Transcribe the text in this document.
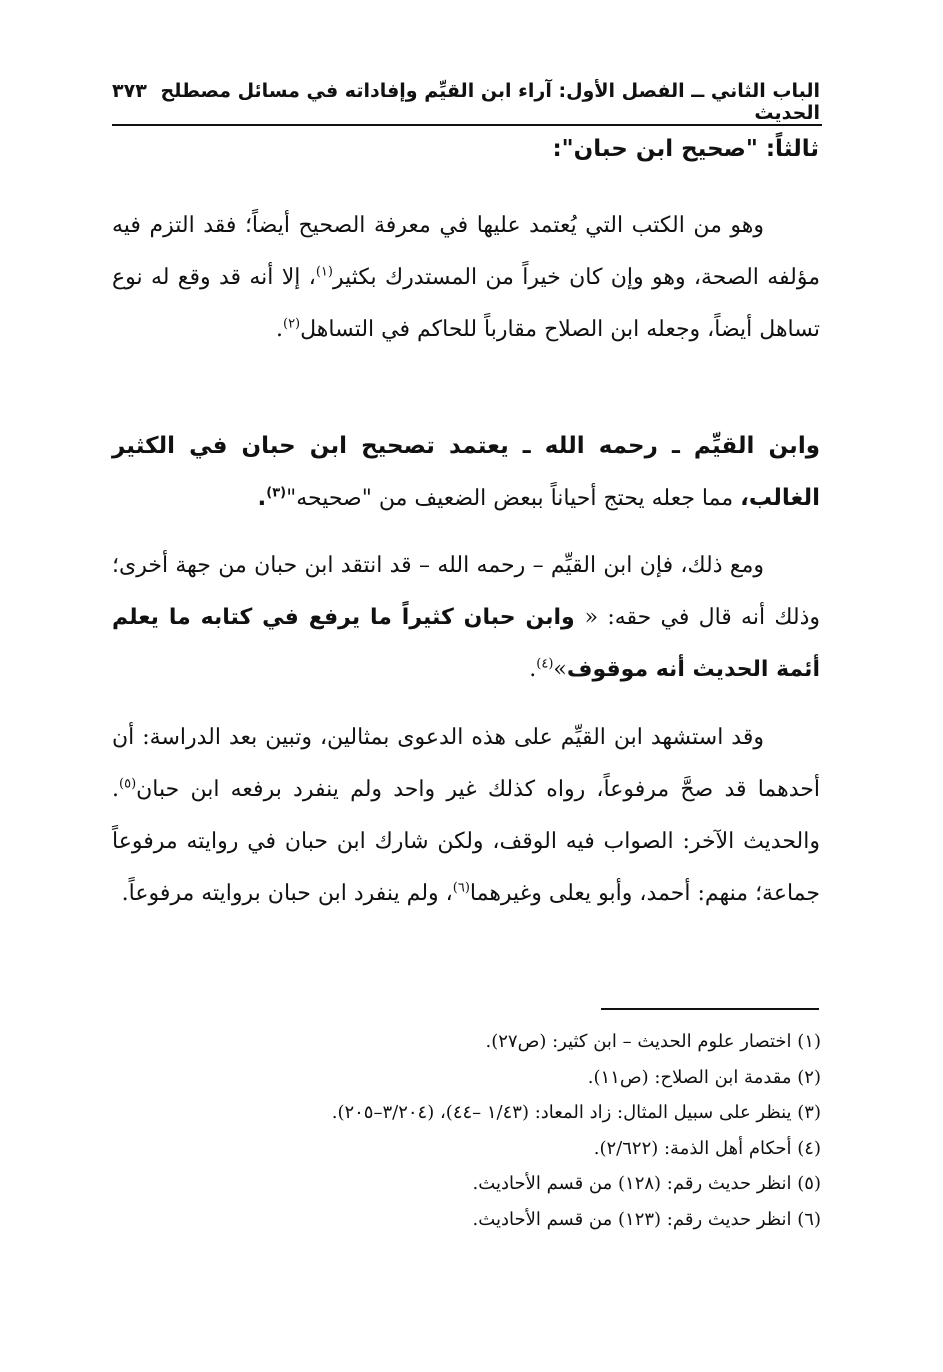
الباب الثاني ــ الفصل الأول: آراء ابن القيِّم وإفاداته في مسائل مصطلح الحديث
٣٧٣
ثالثاً: "صحيح ابن حبان":

وهو من الكتب التي يُعتمد عليها في معرفة الصحيح أيضاً؛ فقد التزم فيه مؤلفه الصحة، وهو وإن كان خيراً من المستدرك بكثير$^{(١)}$، إلا أنه قد وقع له نوع تساهل أيضاً، وجعله ابن الصلاح مقارباً للحاكم في التساهل$^{(٢)}$.

وابن القيِّم ـ رحمه الله ـ يعتمد تصحيح ابن حبان في الكثير الغالب، مما جعله يحتج أحياناً ببعض الضعيف من "صحيحه"$^{(٣)}$.

ومع ذلك، فإن ابن القيِّم – رحمه الله – قد انتقد ابن حبان من جهة أخرى؛ وذلك أنه قال في حقه: « وابن حبان كثيراً ما يرفع في كتابه ما يعلم أئمة الحديث أنه موقوف»$^{(٤)}$.

وقد استشهد ابن القيِّم على هذه الدعوى بمثالين، وتبين بعد الدراسة: أن أحدهما قد صحَّ مرفوعاً، رواه كذلك غير واحد ولم ينفرد برفعه ابن حبان$^{(٥)}$. والحديث الآخر: الصواب فيه الوقف، ولكن شارك ابن حبان في روايته مرفوعاً جماعة؛ منهم: أحمد، وأبو يعلى وغيرهما$^{(٦)}$، ولم ينفرد ابن حبان بروايته مرفوعاً.

(١) اختصار علوم الحديث – ابن كثير: (ص٢٧).
(٢) مقدمة ابن الصلاح: (ص١١).
(٣) ينظر على سبيل المثال: زاد المعاد: (١/٤٣ –٤٤)، (٣/٢٠٤–٢٠٥).
(٤) أحكام أهل الذمة: (٢/٦٢٢).
(٥) انظر حديث رقم: (١٢٨) من قسم الأحاديث.
(٦) انظر حديث رقم: (١٢٣) من قسم الأحاديث.
